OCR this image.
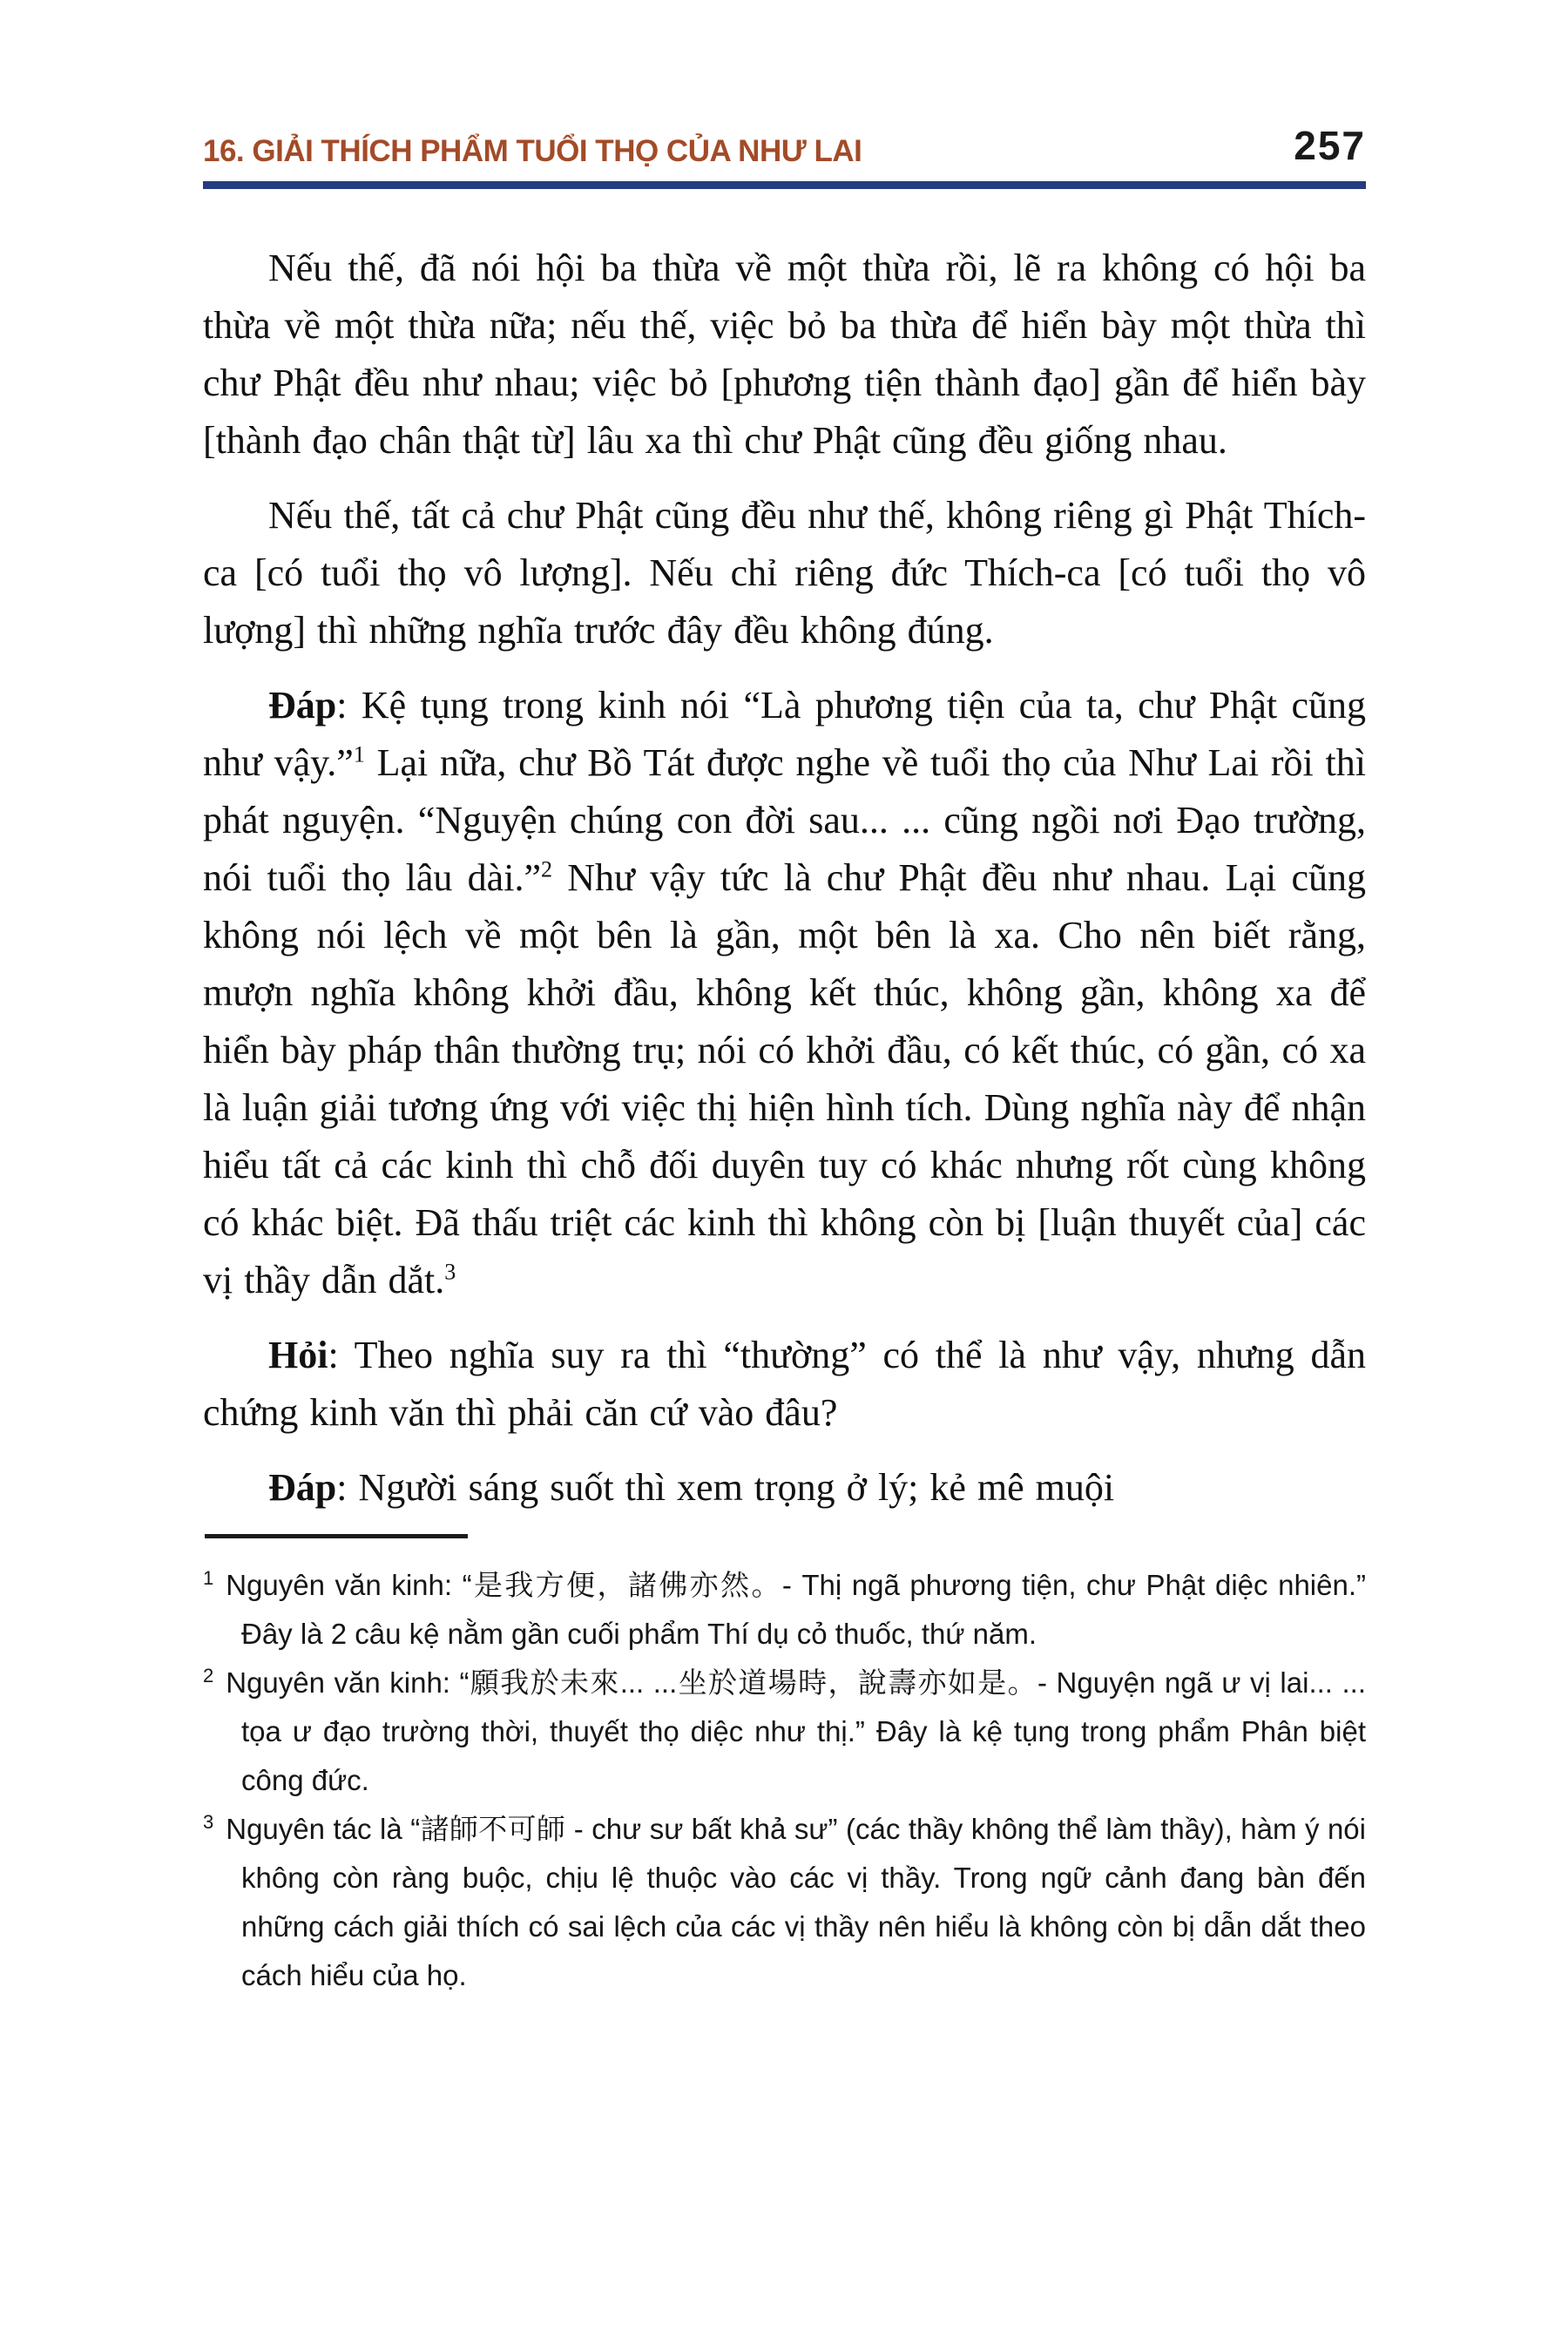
16. GIẢI THÍCH PHẨM TUỔI THỌ CỦA NHƯ LAI	257

Nếu thế, đã nói hội ba thừa về một thừa rồi, lẽ ra không có hội ba thừa về một thừa nữa; nếu thế, việc bỏ ba thừa để hiển bày một thừa thì chư Phật đều như nhau; việc bỏ [phương tiện thành đạo] gần để hiển bày [thành đạo chân thật từ] lâu xa thì chư Phật cũng đều giống nhau.

Nếu thế, tất cả chư Phật cũng đều như thế, không riêng gì Phật Thích-ca [có tuổi thọ vô lượng]. Nếu chỉ riêng đức Thích-ca [có tuổi thọ vô lượng] thì những nghĩa trước đây đều không đúng.

Đáp: Kệ tụng trong kinh nói “Là phương tiện của ta, chư Phật cũng như vậy.”$^1$ Lại nữa, chư Bồ Tát được nghe về tuổi thọ của Như Lai rồi thì phát nguyện. “Nguyện chúng con đời sau... ... cũng ngồi nơi Đạo trường, nói tuổi thọ lâu dài.”$^2$ Như vậy tức là chư Phật đều như nhau. Lại cũng không nói lệch về một bên là gần, một bên là xa. Cho nên biết rằng, mượn nghĩa không khởi đầu, không kết thúc, không gần, không xa để hiển bày pháp thân thường trụ; nói có khởi đầu, có kết thúc, có gần, có xa là luận giải tương ứng với việc thị hiện hình tích. Dùng nghĩa này để nhận hiểu tất cả các kinh thì chỗ đối duyên tuy có khác nhưng rốt cùng không có khác biệt. Đã thấu triệt các kinh thì không còn bị [luận thuyết của] các vị thầy dẫn dắt.$^3$

Hỏi: Theo nghĩa suy ra thì “thường” có thể là như vậy, nhưng dẫn chứng kinh văn thì phải căn cứ vào đâu?

Đáp: Người sáng suốt thì xem trọng ở lý; kẻ mê muội

$^1$ Nguyên văn kinh: “是我方便，諸佛亦然。- Thị ngã phương tiện, chư Phật diệc nhiên.” Đây là 2 câu kệ nằm gần cuối phẩm Thí dụ cỏ thuốc, thứ năm.

$^2$ Nguyên văn kinh: “願我於未來... ...坐於道場時，說壽亦如是。- Nguyện ngã ư vị lai... ... tọa ư đạo trường thời, thuyết thọ diệc như thị.” Đây là kệ tụng trong phẩm Phân biệt công đức.

$^3$ Nguyên tác là “諸師不可師 - chư sư bất khả sư” (các thầy không thể làm thầy), hàm ý nói không còn ràng buộc, chịu lệ thuộc vào các vị thầy. Trong ngữ cảnh đang bàn đến những cách giải thích có sai lệch của các vị thầy nên hiểu là không còn bị dẫn dắt theo cách hiểu của họ.
